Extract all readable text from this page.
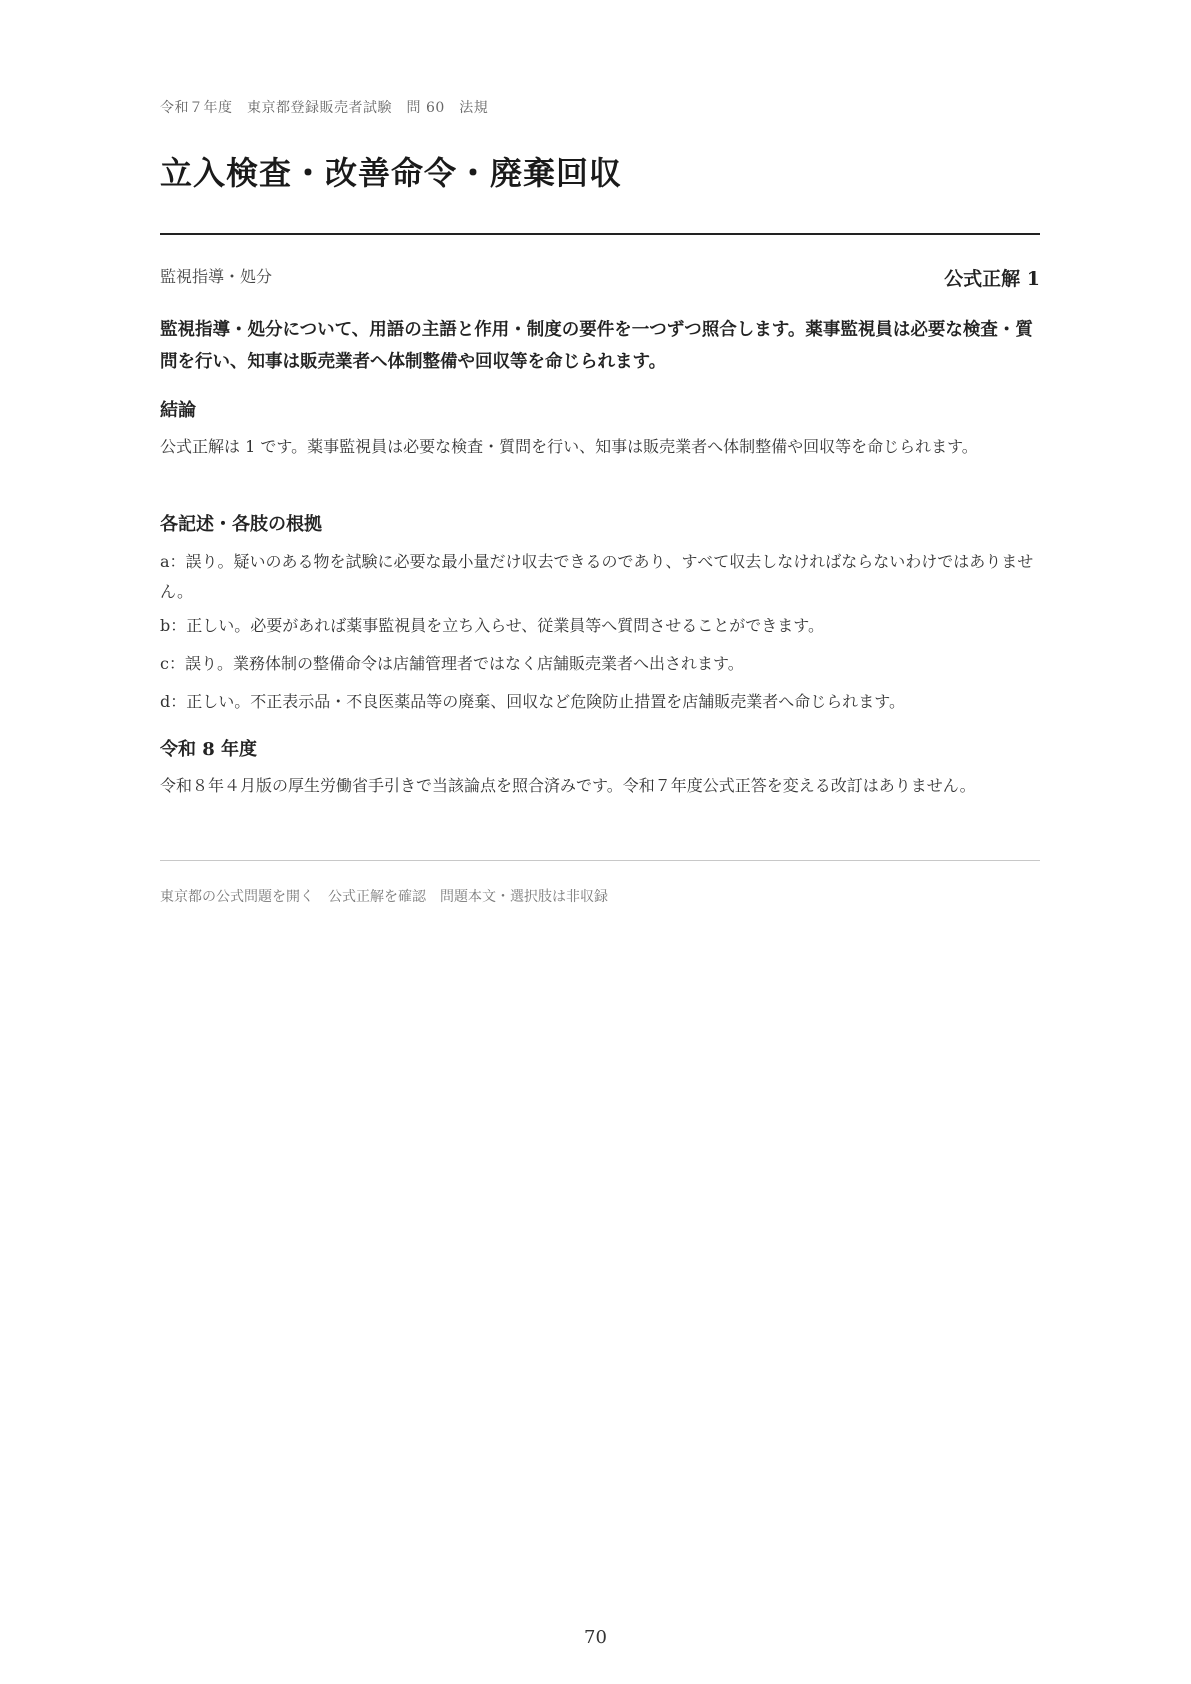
令和７年度　東京都登録販売者試験　問 60　法規
立入検査・改善命令・廃棄回収
監視指導・処分	公式正解 1

監視指導・処分について、用語の主語と作用・制度の要件を一つずつ照合します。薬事監視員は必要な検査・質問を行い、知事は販売業者へ体制整備や回収等を命じられます。

結論

公式正解は 1 です。薬事監視員は必要な検査・質問を行い、知事は販売業者へ体制整備や回収等を命じられます。

各記述・各肢の根拠

a：誤り。疑いのある物を試験に必要な最小量だけ収去できるのであり、すべて収去しなければならないわけではありません。

b：正しい。必要があれば薬事監視員を立ち入らせ、従業員等へ質問させることができます。

c：誤り。業務体制の整備命令は店舗管理者ではなく店舗販売業者へ出されます。

d：正しい。不正表示品・不良医薬品等の廃棄、回収など危険防止措置を店舗販売業者へ命じられます。

令和 8 年度

令和８年４月版の厚生労働省手引きで当該論点を照合済みです。令和７年度公式正答を変える改訂はありません。

東京都の公式問題を開く 公式正解を確認 問題本文・選択肢は非収録
70
